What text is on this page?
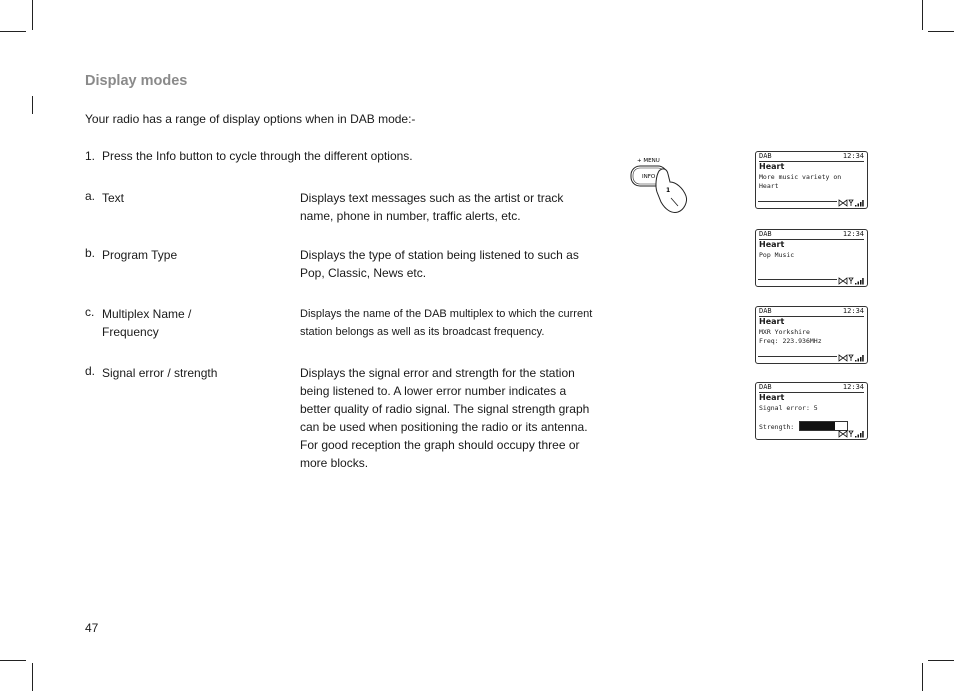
Display modes
Your radio has a range of display options when in DAB mode:-
1. Press the Info button to cycle through the different options.
a. Text	Displays text messages such as the artist or track name, phone in number, traffic alerts, etc.
b. Program Type	Displays the type of station being listened to such as Pop, Classic, News etc.
c. Multiplex Name / Frequency
Displays the name of the DAB multiplex to which the current station belongs as well as its broadcast frequency.
d. Signal error / strength	Displays the signal error and strength for the station being listened to. A lower error number indicates a better quality of radio signal. The signal strength graph can be used when positioning the radio or its antenna. For good reception the graph should occupy three or more blocks.
+ MENU
INFO
1
DAB	12:34
Heart
More music variety on
Heart
DAB	12:34
Heart
Pop Music
DAB	12:34
Heart
MXR Yorkshire
Freq: 223.936MHz
DAB	12:34
Heart
Signal error: 5
Strength:
47
